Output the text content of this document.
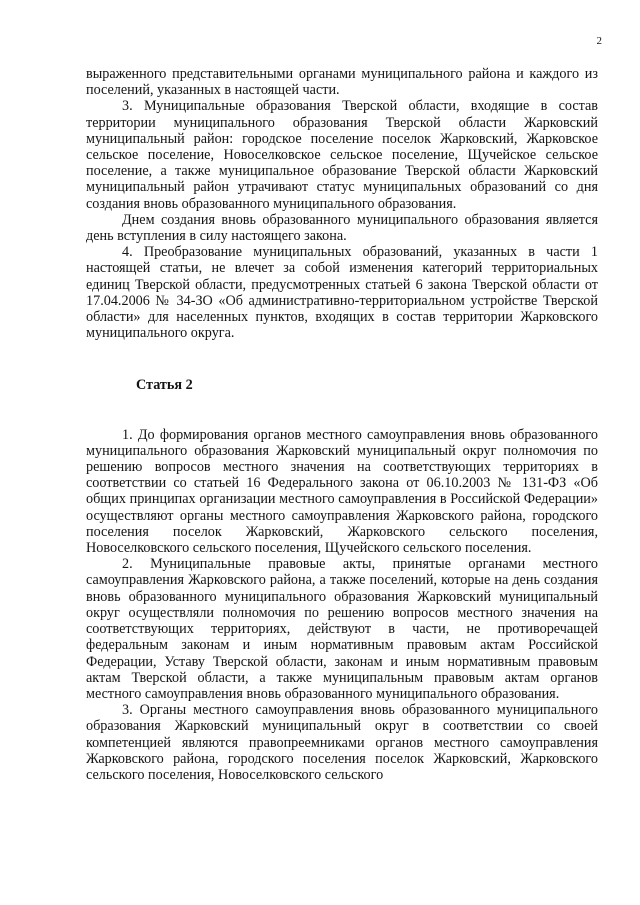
2

выраженного представительными органами муниципального района и каждого из поселений, указанных в настоящей части.

3. Муниципальные образования Тверской области, входящие в состав территории муниципального образования Тверской области Жарковский муниципальный район: городское поселение поселок Жарковский, Жарковское сельское поселение, Новоселковское сельское поселение, Щучейское сельское поселение, а также муниципальное образование Тверской области Жарковский муниципальный район утрачивают статус муниципальных образований со дня создания вновь образованного муниципального образования.

Днем создания вновь образованного муниципального образования является день вступления в силу настоящего закона.

4. Преобразование муниципальных образований, указанных в части 1 настоящей статьи, не влечет за собой изменения категорий территориальных единиц Тверской области, предусмотренных статьей 6 закона Тверской области от 17.04.2006 № 34-ЗО «Об административно-территориальном устройстве Тверской области» для населенных пунктов, входящих в состав территории Жарковского муниципального округа.

Статья 2

1. До формирования органов местного самоуправления вновь образованного муниципального образования Жарковский муниципальный округ полномочия по решению вопросов местного значения на соответствующих территориях в соответствии со статьей 16 Федерального закона от 06.10.2003 № 131-ФЗ «Об общих принципах организации местного самоуправления в Российской Федерации» осуществляют органы местного самоуправления Жарковского района, городского поселения поселок Жарковский, Жарковского сельского поселения, Новоселковского сельского поселения, Щучейского сельского поселения.

2. Муниципальные правовые акты, принятые органами местного самоуправления Жарковского района, а также поселений, которые на день создания вновь образованного муниципального образования Жарковский муниципальный округ осуществляли полномочия по решению вопросов местного значения на соответствующих территориях, действуют в части, не противоречащей федеральным законам и иным нормативным правовым актам Российской Федерации, Уставу Тверской области, законам и иным нормативным правовым актам Тверской области, а также муниципальным правовым актам органов местного самоуправления вновь образованного муниципального образования.

3. Органы местного самоуправления вновь образованного муниципального образования Жарковский муниципальный округ в соответствии со своей компетенцией являются правопреемниками органов местного самоуправления Жарковского района, городского поселения поселок Жарковский, Жарковского сельского поселения, Новоселковского сельского
